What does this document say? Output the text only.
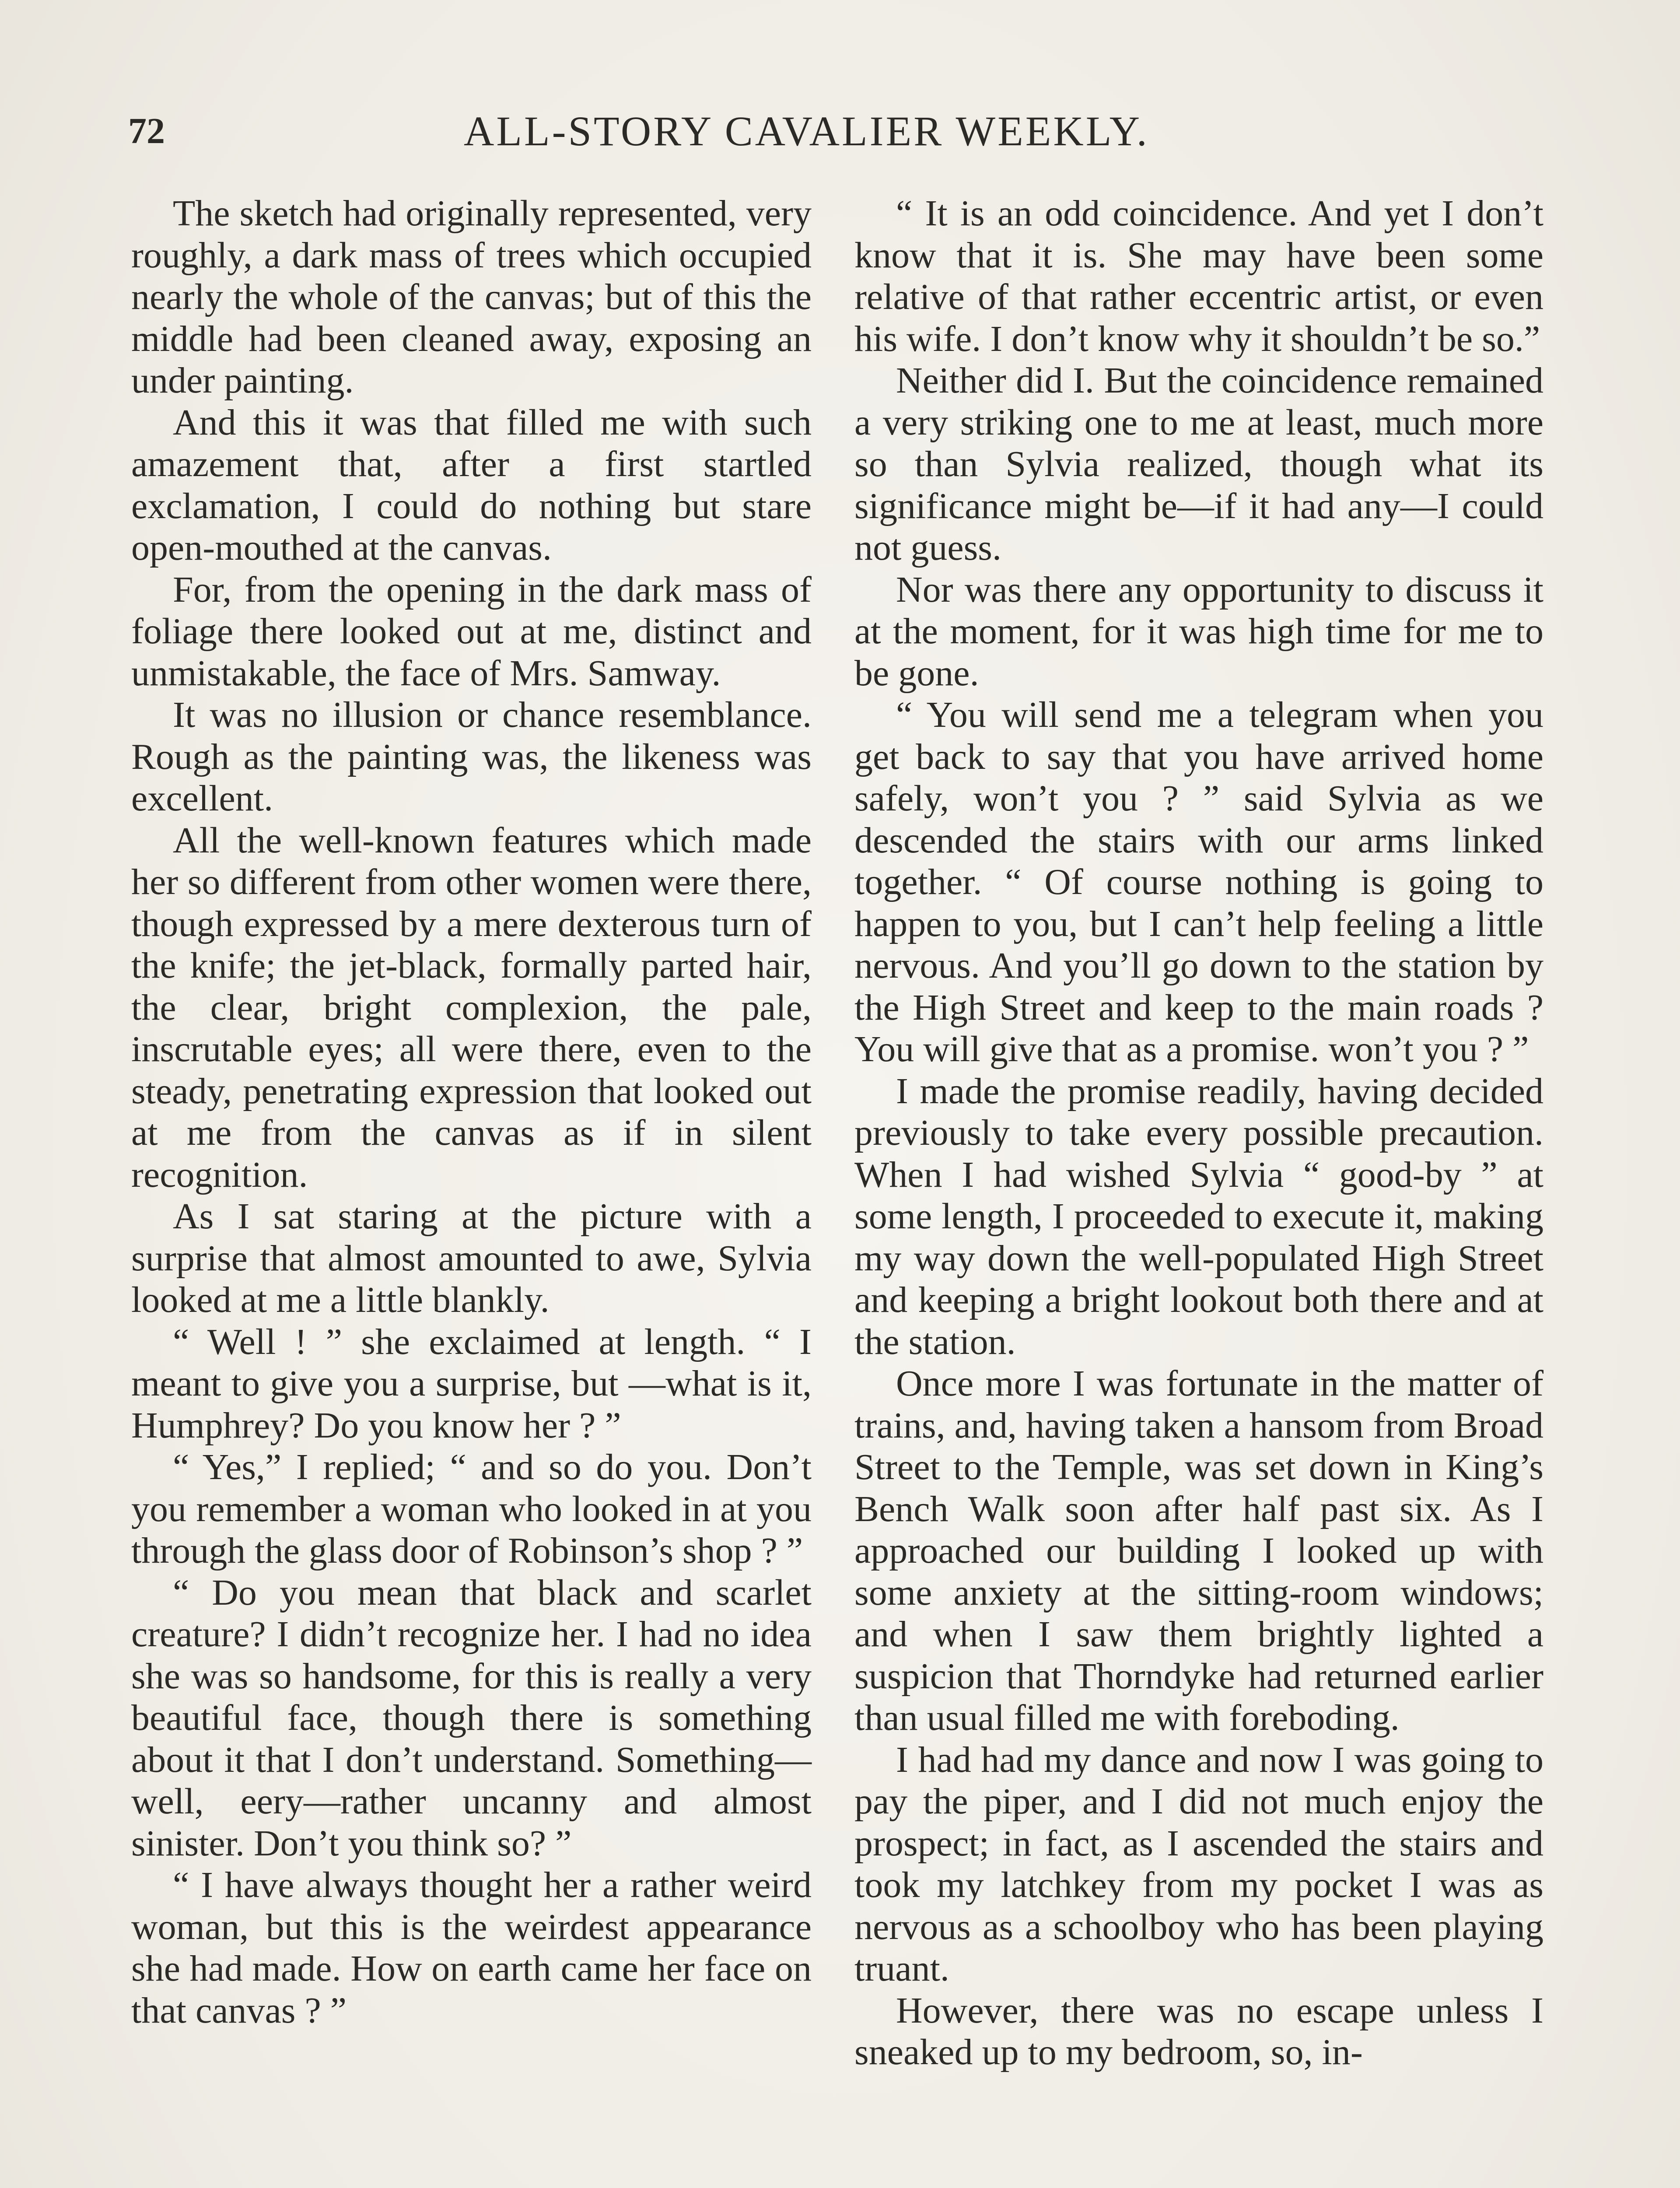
72	ALL-STORY CAVALIER WEEKLY.

The sketch had originally represented, very roughly, a dark mass of trees which occupied nearly the whole of the canvas; but of this the middle had been cleaned away, exposing an under painting.

And this it was that filled me with such amazement that, after a first startled exclamation, I could do nothing but stare open-mouthed at the canvas.

For, from the opening in the dark mass of foliage there looked out at me, distinct and unmistakable, the face of Mrs. Samway.

It was no illusion or chance resemblance. Rough as the painting was, the likeness was excellent.

All the well-known features which made her so different from other women were there, though expressed by a mere dexterous turn of the knife; the jet-black, formally parted hair, the clear, bright complexion, the pale, inscrutable eyes; all were there, even to the steady, penetrating expression that looked out at me from the canvas as if in silent recognition.

As I sat staring at the picture with a surprise that almost amounted to awe, Sylvia looked at me a little blankly.

“ Well ! ” she exclaimed at length. “ I meant to give you a surprise, but —what is it, Humphrey? Do you know her ? ”

“ Yes,” I replied; “ and so do you. Don’t you remember a woman who looked in at you through the glass door of Robinson’s shop ? ”

“ Do you mean that black and scarlet creature? I didn’t recognize her. I had no idea she was so handsome, for this is really a very beautiful face, though there is something about it that I don’t understand. Something—well, eery—rather uncanny and almost sinister. Don’t you think so? ”

“ I have always thought her a rather weird woman, but this is the weirdest appearance she had made. How on earth came her face on that canvas ? ”

“ It is an odd coincidence. And yet I don’t know that it is. She may have been some relative of that rather eccentric artist, or even his wife. I don’t know why it shouldn’t be so.”

Neither did I. But the coincidence remained a very striking one to me at least, much more so than Sylvia realized, though what its significance might be—if it had any—I could not guess.

Nor was there any opportunity to discuss it at the moment, for it was high time for me to be gone.

“ You will send me a telegram when you get back to say that you have arrived home safely, won’t you ? ” said Sylvia as we descended the stairs with our arms linked together. “ Of course nothing is going to happen to you, but I can’t help feeling a little nervous. And you’ll go down to the station by the High Street and keep to the main roads ? You will give that as a promise. won’t you ? ”

I made the promise readily, having decided previously to take every possible precaution. When I had wished Sylvia “ good-by ” at some length, I proceeded to execute it, making my way down the well-populated High Street and keeping a bright lookout both there and at the station.

Once more I was fortunate in the matter of trains, and, having taken a hansom from Broad Street to the Temple, was set down in King’s Bench Walk soon after half past six. As I approached our building I looked up with some anxiety at the sitting-room windows; and when I saw them brightly lighted a suspicion that Thorndyke had returned earlier than usual filled me with foreboding.

I had had my dance and now I was going to pay the piper, and I did not much enjoy the prospect; in fact, as I ascended the stairs and took my latchkey from my pocket I was as nervous as a schoolboy who has been playing truant.

However, there was no escape unless I sneaked up to my bedroom, so, in-
